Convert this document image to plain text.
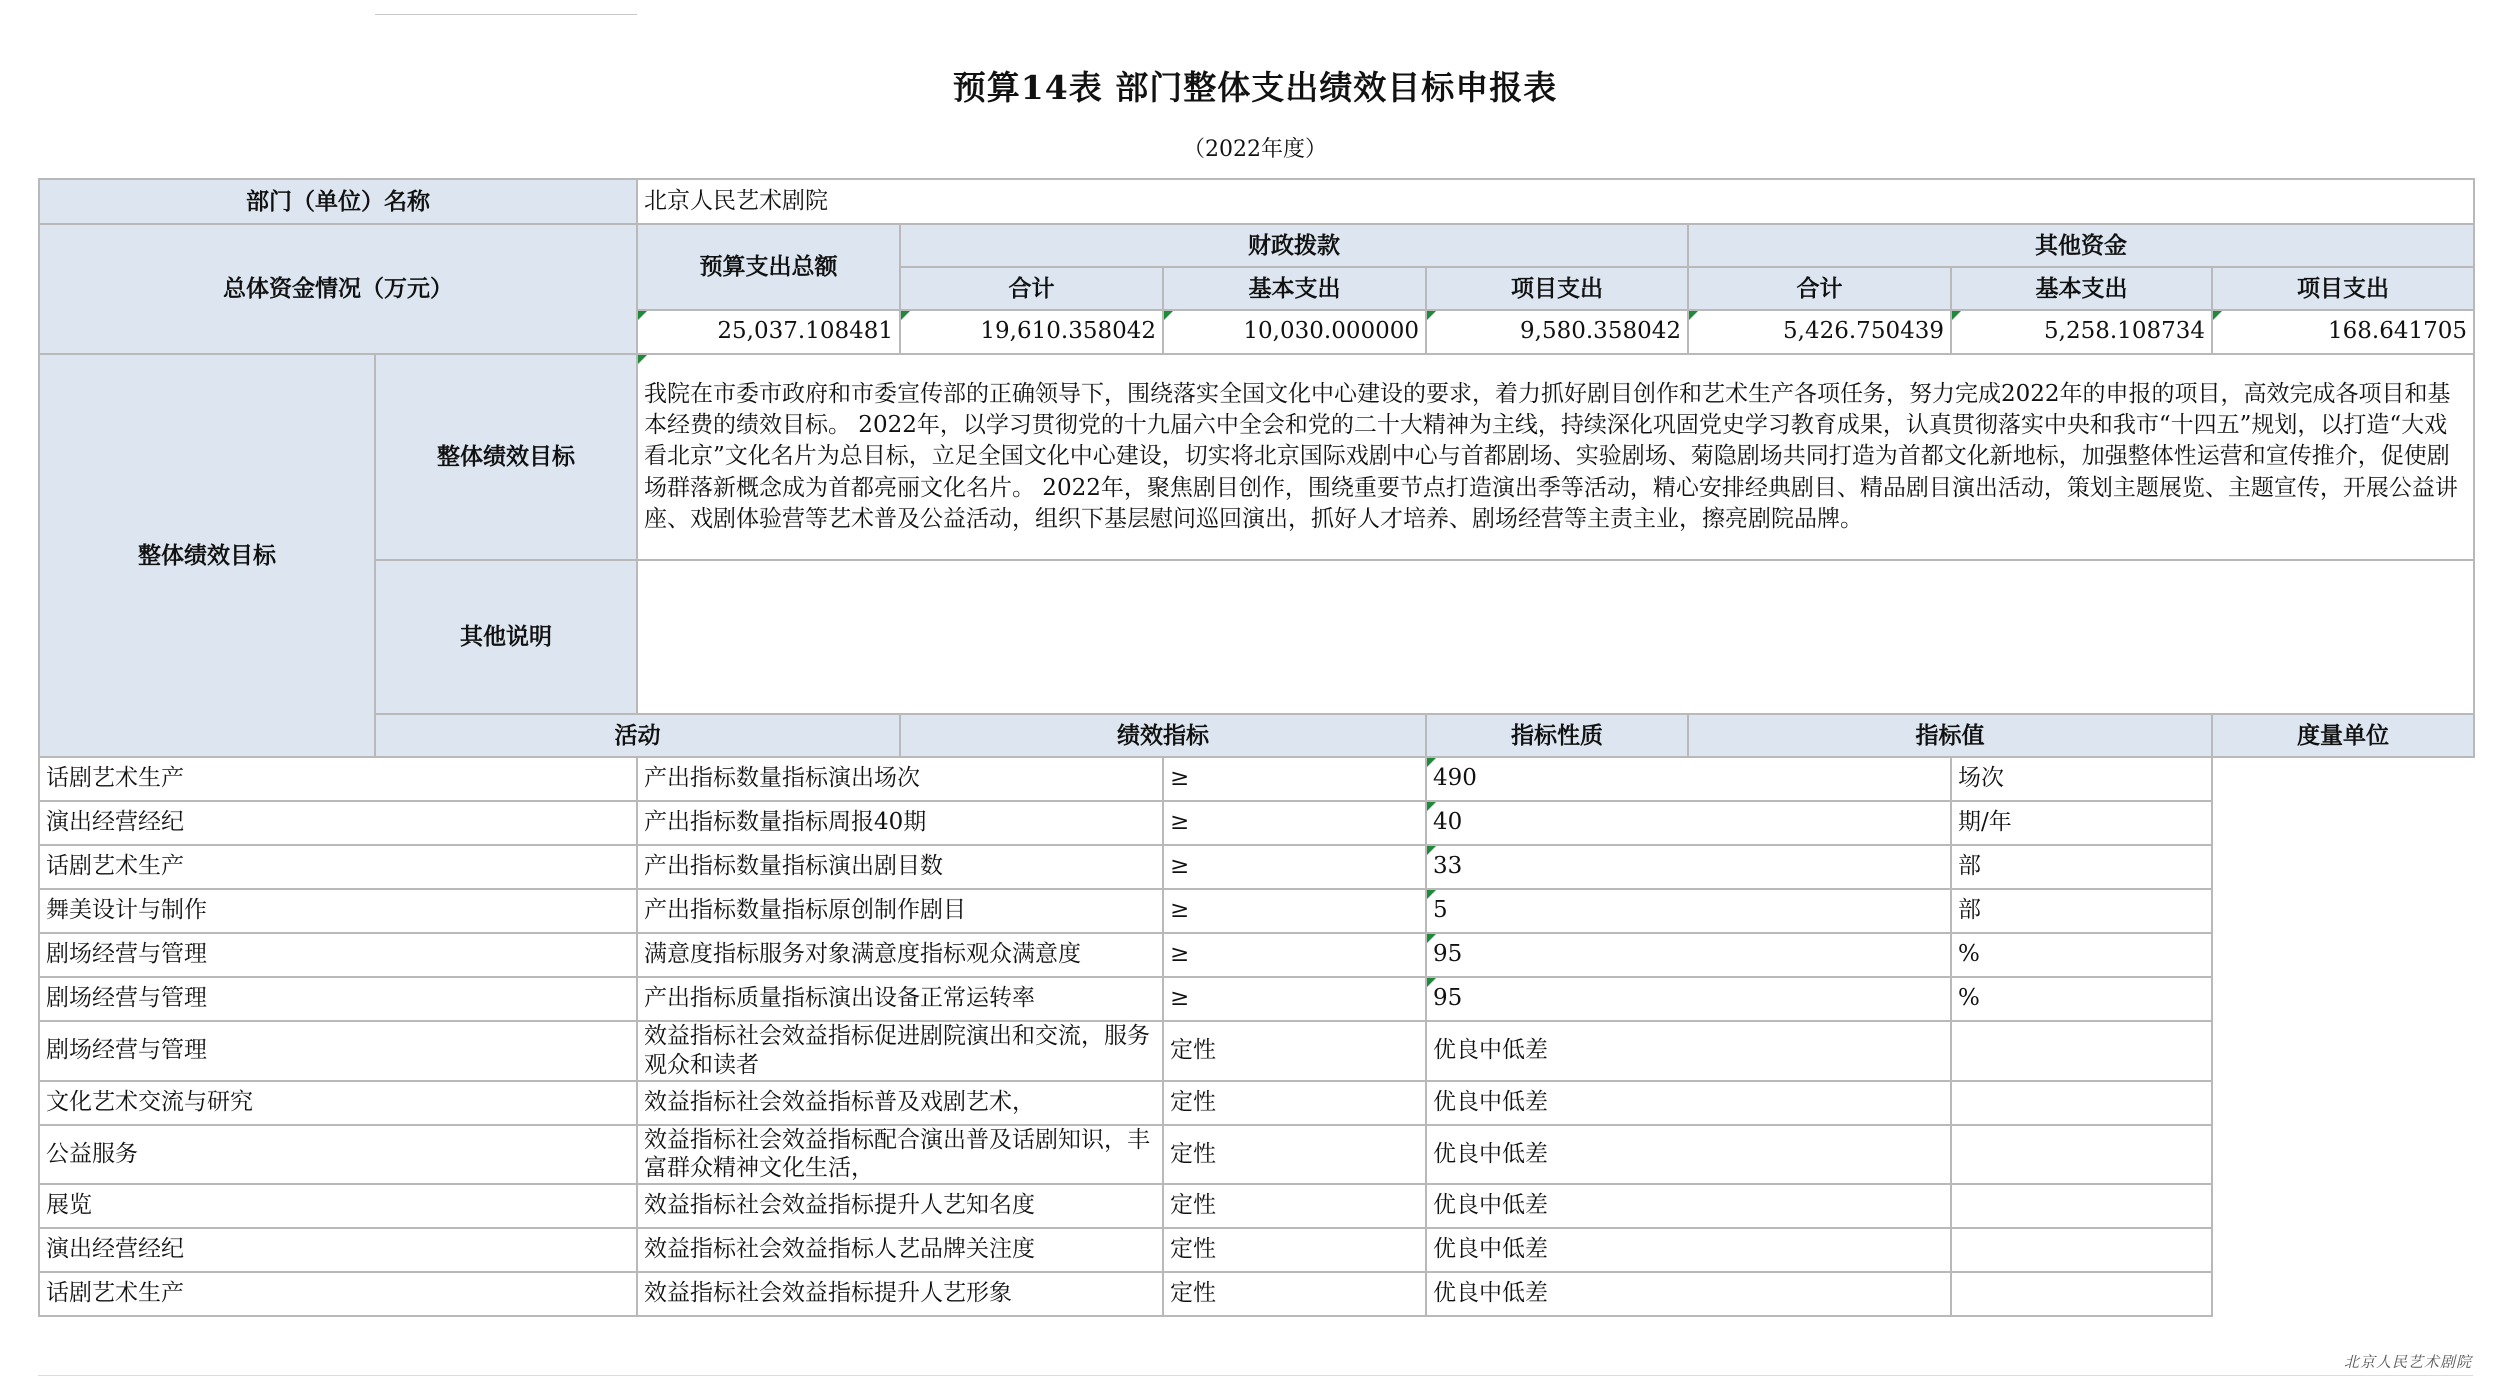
预算14表 部门整体支出绩效目标申报表
（2022年度）
部门（单位）名称		北京人民艺术剧院						
总体资金情况（万元）		预算支出总额	财政拨款			其他资金		
			合计	基本支出	项目支出	合计	基本支出	项目支出
		25,037.108481	19,610.358042	10,030.000000	9,580.358042	5,426.750439	5,258.108734	168.641705
整体绩效目标	整体绩效目标	我院在市委市政府和市委宣传部的正确领导下，围绕落实全国文化中心建设的要求，着力抓好剧目创作和艺术生产各项任务，努力完成2022年的申报的项目，高效完成各项目和基本经费的绩效目标。 2022年，以学习贯彻党的十九届六中全会和党的二十大精神为主线，持续深化巩固党史学习教育成果，认真贯彻落实中央和我市“十四五”规划，以打造“大戏看北京”文化名片为总目标，立足全国文化中心建设，切实将北京国际戏剧中心与首都剧场、实验剧场、菊隐剧场共同打造为首都文化新地标，加强整体性运营和宣传推介，促使剧场群落新概念成为首都亮丽文化名片。 2022年，聚焦剧目创作，围绕重要节点打造演出季等活动，精心安排经典剧目、精品剧目演出活动，策划主题展览、主题宣传，开展公益讲座、戏剧体验营等艺术普及公益活动，组织下基层慰问巡回演出，抓好人才培养、剧场经营等主责主业，擦亮剧院品牌。						
	其他说明							
	活动		绩效指标		指标性质	指标值		度量单位
话剧艺术生产		产出指标数量指标演出场次		≥	490		场次	
演出经营经纪		产出指标数量指标周报40期		≥	40		期/年	
话剧艺术生产		产出指标数量指标演出剧目数		≥	33		部	
舞美设计与制作		产出指标数量指标原创制作剧目		≥	5		部	
剧场经营与管理		满意度指标服务对象满意度指标观众满意度		≥	95		%	
剧场经营与管理		产出指标质量指标演出设备正常运转率		≥	95		%	
剧场经营与管理		效益指标社会效益指标促进剧院演出和交流，服务观众和读者		定性	优良中低差			
文化艺术交流与研究		效益指标社会效益指标普及戏剧艺术，		定性	优良中低差			
公益服务		效益指标社会效益指标配合演出普及话剧知识，丰富群众精神文化生活，		定性	优良中低差			
展览		效益指标社会效益指标提升人艺知名度		定性	优良中低差			
演出经营经纪		效益指标社会效益指标人艺品牌关注度		定性	优良中低差			
话剧艺术生产		效益指标社会效益指标提升人艺形象		定性	优良中低差			
北京人民艺术剧院
